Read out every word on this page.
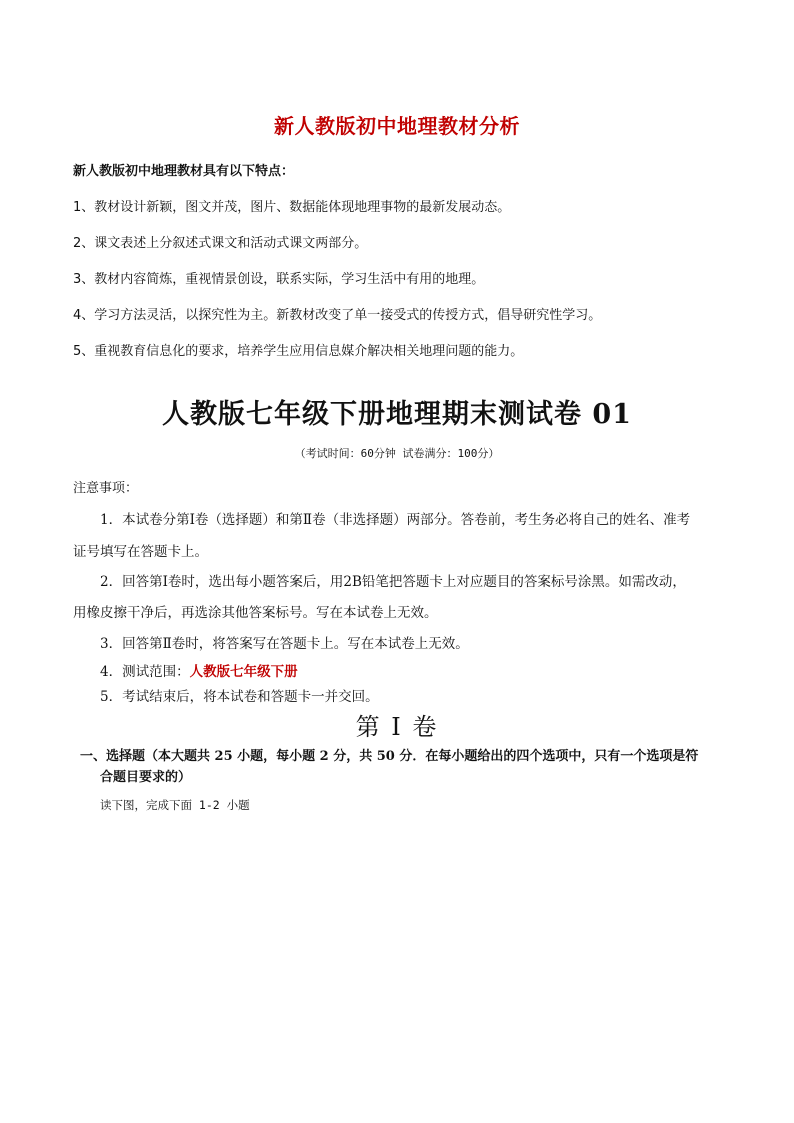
新人教版初中地理教材分析
新人教版初中地理教材具有以下特点：
1、教材设计新颖，图文并茂，图片、数据能体现地理事物的最新发展动态。
2、课文表述上分叙述式课文和活动式课文两部分。
3、教材内容简炼，重视情景创设，联系实际，学习生活中有用的地理。
4、学习方法灵活，以探究性为主。新教材改变了单一接受式的传授方式，倡导研究性学习。
5、重视教育信息化的要求，培养学生应用信息媒介解决相关地理问题的能力。
人教版七年级下册地理期末测试卷 01
（考试时间：60分钟 试卷满分：100分）
注意事项：
1．本试卷分第Ⅰ卷（选择题）和第Ⅱ卷（非选择题）两部分。答卷前，考生务必将自己的姓名、准考
证号填写在答题卡上。
2．回答第Ⅰ卷时，选出每小题答案后，用2B铅笔把答题卡上对应题目的答案标号涂黑。如需改动，
用橡皮擦干净后，再选涂其他答案标号。写在本试卷上无效。
3．回答第Ⅱ卷时，将答案写在答题卡上。写在本试卷上无效。
4．测试范围：人教版七年级下册
5．考试结束后，将本试卷和答题卡一并交回。
第 I 卷
一、选择题（本大题共 25 小题，每小题 2 分，共 50 分．在每小题给出的四个选项中，只有一个选项是符
合题目要求的）
读下图，完成下面 1-2 小题
